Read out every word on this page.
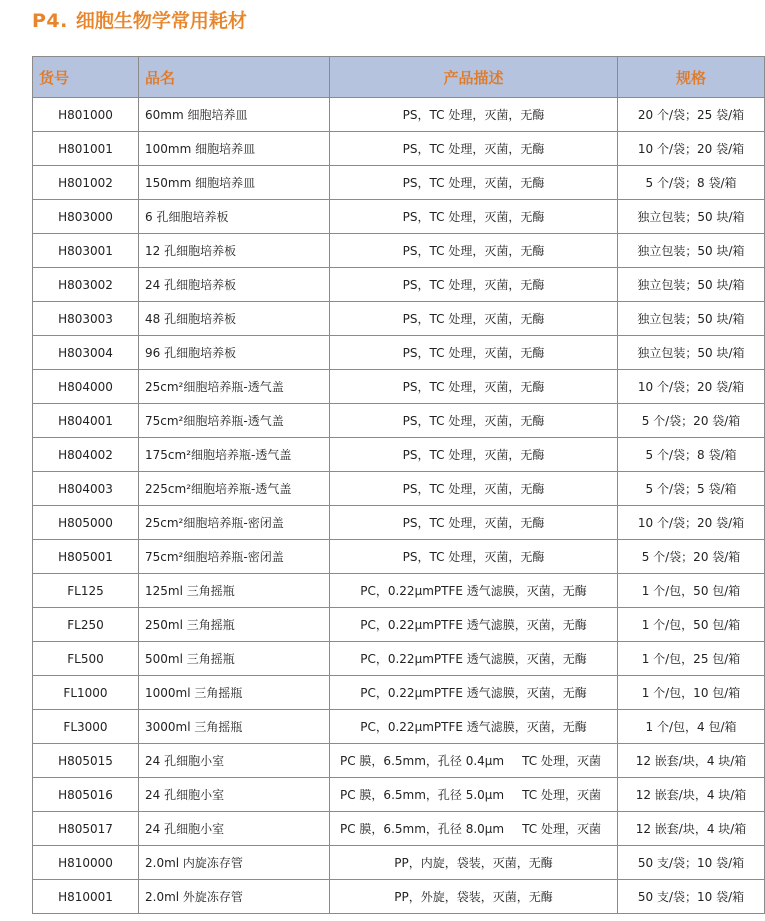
P4. 细胞生物学常用耗材
货号	品名	产品描述	规格
H801000	60mm 细胞培养皿	PS，TC 处理，灭菌，无酶	20 个/袋；25 袋/箱
H801001	100mm 细胞培养皿	PS，TC 处理，灭菌，无酶	10 个/袋；20 袋/箱
H801002	150mm 细胞培养皿	PS，TC 处理，灭菌，无酶	5 个/袋；8 袋/箱
H803000	6 孔细胞培养板	PS，TC 处理，灭菌，无酶	独立包装；50 块/箱
H803001	12 孔细胞培养板	PS，TC 处理，灭菌，无酶	独立包装；50 块/箱
H803002	24 孔细胞培养板	PS，TC 处理，灭菌，无酶	独立包装；50 块/箱
H803003	48 孔细胞培养板	PS，TC 处理，灭菌，无酶	独立包装；50 块/箱
H803004	96 孔细胞培养板	PS，TC 处理，灭菌，无酶	独立包装；50 块/箱
H804000	25cm²细胞培养瓶-透气盖	PS，TC 处理，灭菌，无酶	10 个/袋；20 袋/箱
H804001	75cm²细胞培养瓶-透气盖	PS，TC 处理，灭菌，无酶	5 个/袋；20 袋/箱
H804002	175cm²细胞培养瓶-透气盖	PS，TC 处理，灭菌，无酶	5 个/袋；8 袋/箱
H804003	225cm²细胞培养瓶-透气盖	PS，TC 处理，灭菌，无酶	5 个/袋；5 袋/箱
H805000	25cm²细胞培养瓶-密闭盖	PS，TC 处理，灭菌，无酶	10 个/袋；20 袋/箱
H805001	75cm²细胞培养瓶-密闭盖	PS，TC 处理，灭菌，无酶	5 个/袋；20 袋/箱
FL125	125ml 三角摇瓶	PC，0.22μmPTFE 透气滤膜，灭菌，无酶	1 个/包，50 包/箱
FL250	250ml 三角摇瓶	PC，0.22μmPTFE 透气滤膜，灭菌，无酶	1 个/包，50 包/箱
FL500	500ml 三角摇瓶	PC，0.22μmPTFE 透气滤膜，灭菌，无酶	1 个/包，25 包/箱
FL1000	1000ml 三角摇瓶	PC，0.22μmPTFE 透气滤膜，灭菌，无酶	1 个/包，10 包/箱
FL3000	3000ml 三角摇瓶	PC，0.22μmPTFE 透气滤膜，灭菌，无酶	1 个/包，4 包/箱
H805015	24 孔细胞小室	PC 膜，6.5mm，孔径 0.4μm TC 处理，灭菌	12 嵌套/块，4 块/箱
H805016	24 孔细胞小室	PC 膜，6.5mm，孔径 5.0μm TC 处理，灭菌	12 嵌套/块，4 块/箱
H805017	24 孔细胞小室	PC 膜，6.5mm，孔径 8.0μm TC 处理，灭菌	12 嵌套/块，4 块/箱
H810000	2.0ml 内旋冻存管	PP，内旋，袋装，灭菌，无酶	50 支/袋；10 袋/箱
H810001	2.0ml 外旋冻存管	PP，外旋，袋装，灭菌，无酶	50 支/袋；10 袋/箱
